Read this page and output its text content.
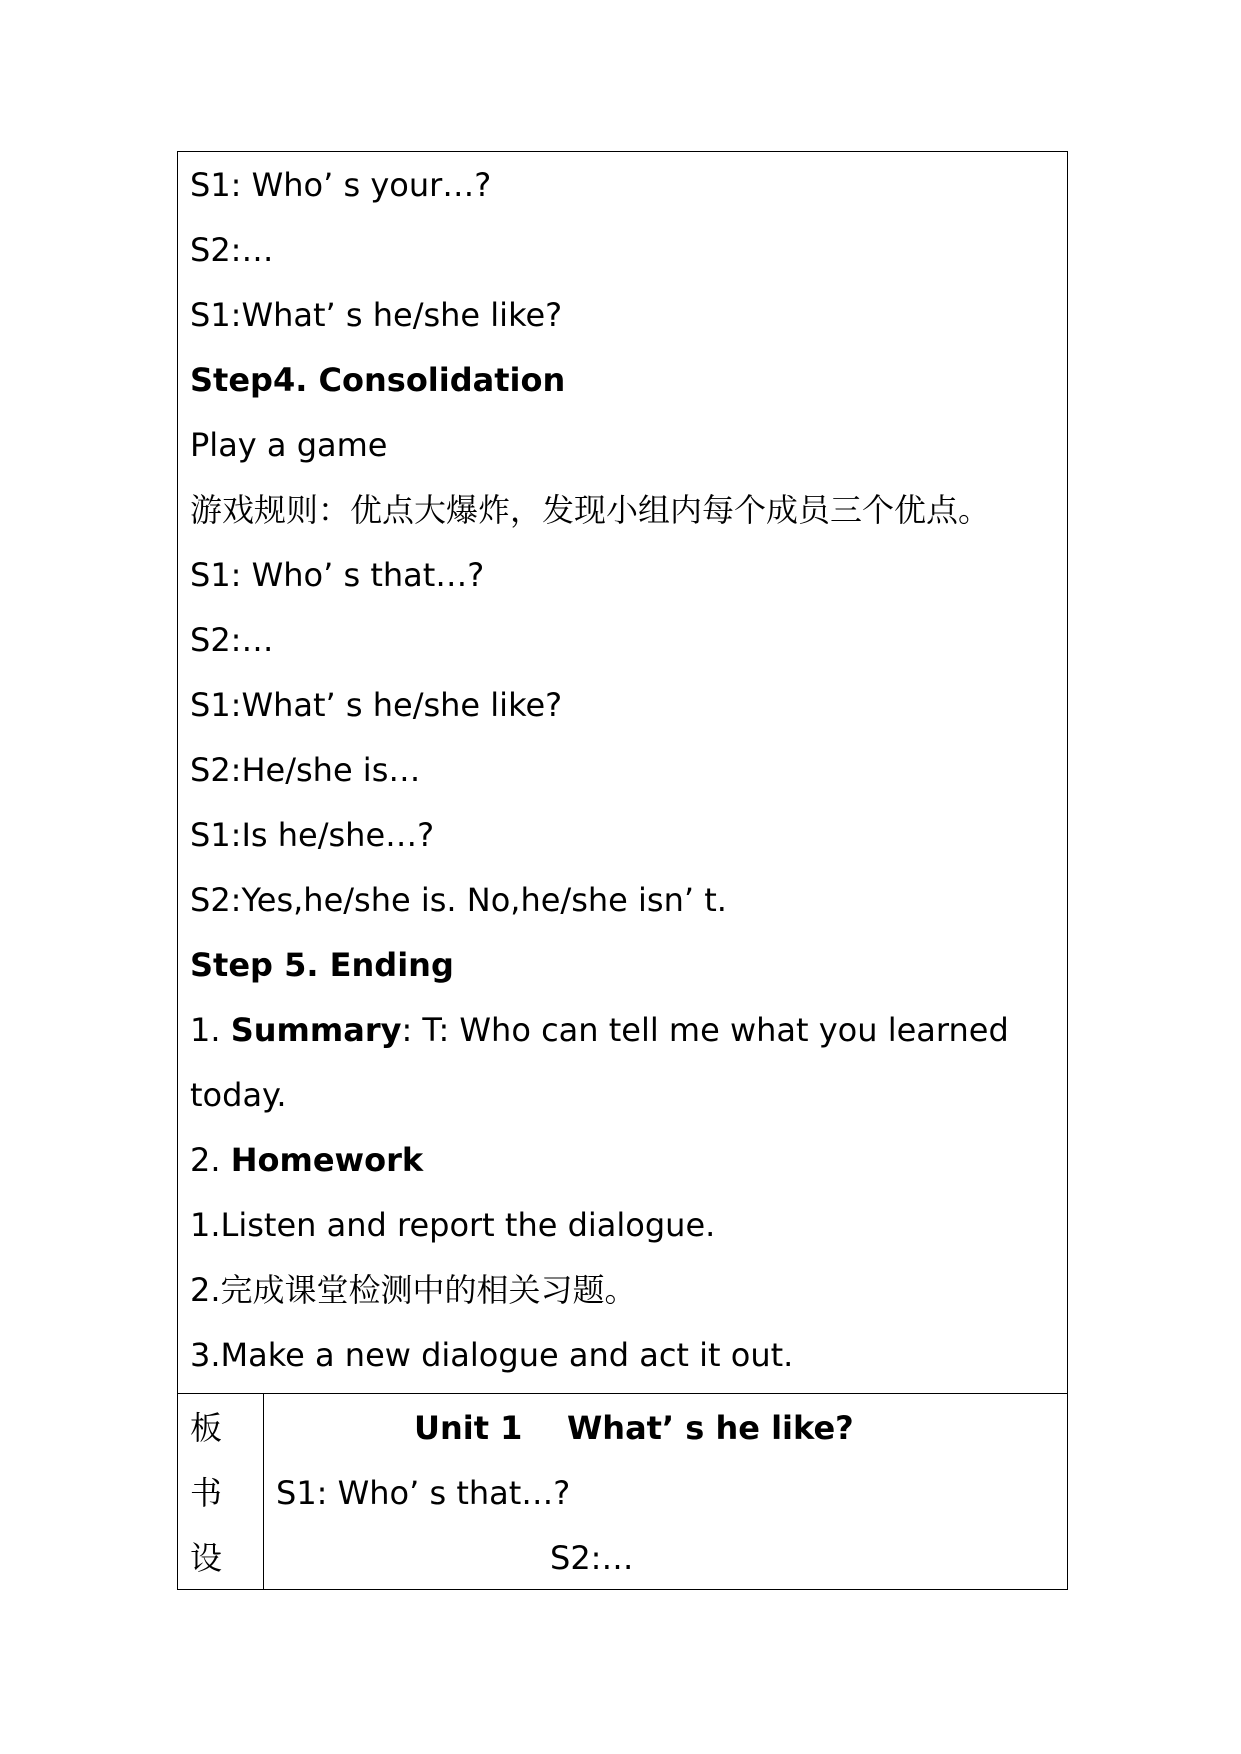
S1: Who’ s your…?
S2:…
S1:What’ s he/she like?
Step4. Consolidation
Play a game
游戏规则：优点大爆炸，发现小组内每个成员三个优点。
S1: Who’ s that…?
S2:…
S1:What’ s he/she like?
S2:He/she is…
S1:Is he/she…?
S2:Yes,he/she is. No,he/she isn’ t.
Step 5. Ending
1. Summary: T: Who can tell me what you learned
today.
2. Homework
1.Listen and report the dialogue.
2.完成课堂检测中的相关习题。
3.Make a new dialogue and act it out.
板
书
设
Unit 1    What’ s he like?
S1: Who’ s that…?
S2:…
